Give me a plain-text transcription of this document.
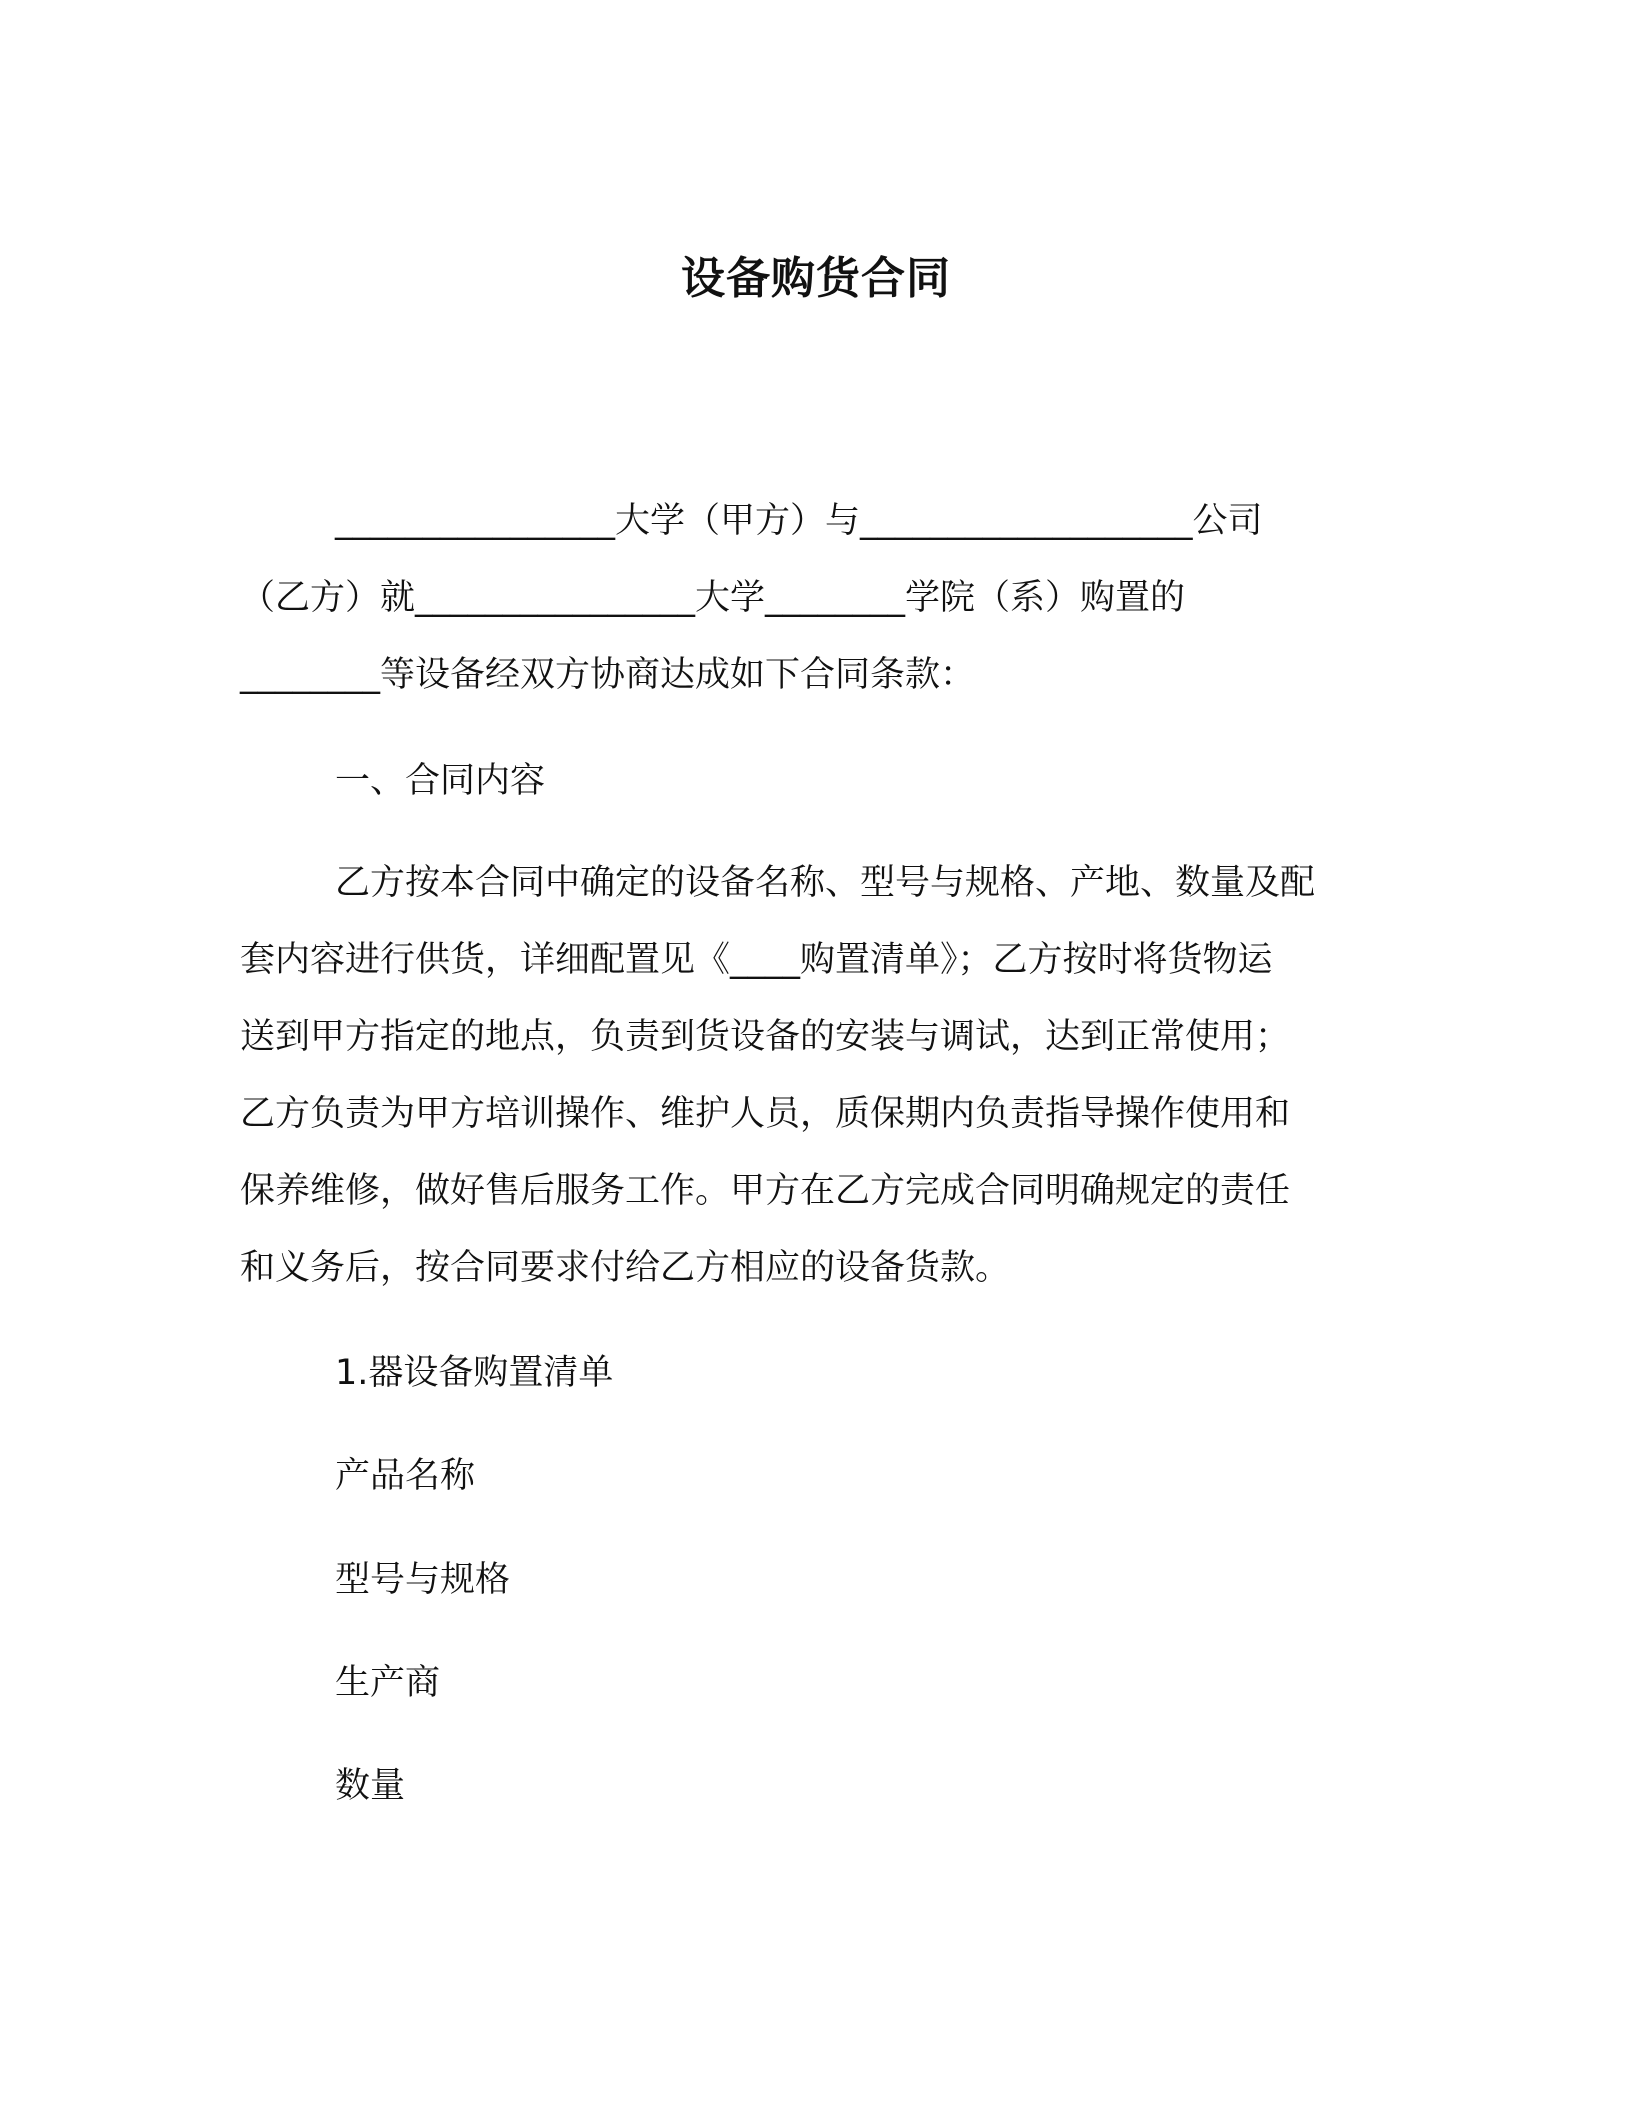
设备购货合同

________________大学（甲方）与___________________公司
（乙方）就________________大学________学院（系）购置的
________等设备经双方协商达成如下合同条款：

一、合同内容

乙方按本合同中确定的设备名称、型号与规格、产地、数量及配
套内容进行供货，详细配置见《____购置清单》；乙方按时将货物运
送到甲方指定的地点，负责到货设备的安装与调试，达到正常使用；
乙方负责为甲方培训操作、维护人员，质保期内负责指导操作使用和
保养维修，做好售后服务工作。甲方在乙方完成合同明确规定的责任
和义务后，按合同要求付给乙方相应的设备货款。

1.器设备购置清单

产品名称

型号与规格

生产商

数量
